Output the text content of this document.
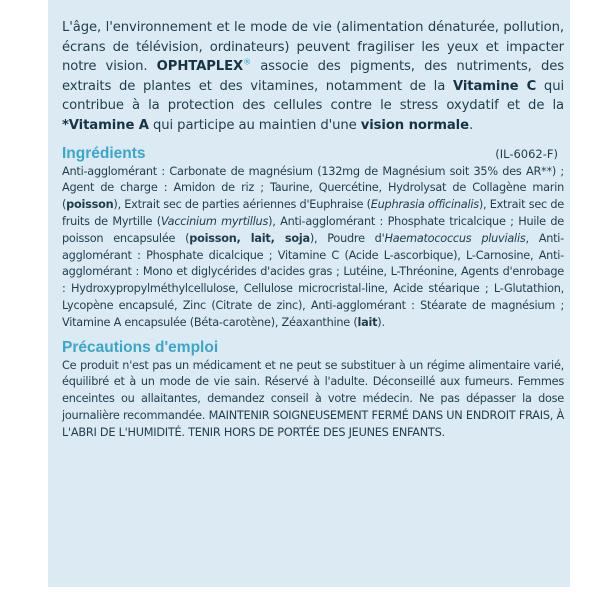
L'âge, l'environnement et le mode de vie (alimentation dénaturée, pollution, écrans de télévision, ordinateurs) peuvent fragiliser les yeux et impacter notre vision. OPHTAPLEX® associe des pigments, des nutriments, des extraits de plantes et des vitamines, notamment de la Vitamine C qui contribue à la protection des cellules contre le stress oxydatif et de la *Vitamine A qui participe au maintien d'une vision normale.

Ingrédients	(IL-6062-F)

Anti-agglomérant : Carbonate de magnésium (132mg de Magnésium soit 35% des AR**) ; Agent de charge : Amidon de riz ; Taurine, Quercétine, Hydrolysat de Collagène marin (poisson), Extrait sec de parties aériennes d'Euphraise (Euphrasia officinalis), Extrait sec de fruits de Myrtille (Vaccinium myrtillus), Anti-agglomérant : Phosphate tricalcique ; Huile de poisson encapsulée (poisson, lait, soja), Poudre d'Haematococcus pluvialis, Anti-agglomérant : Phosphate dicalcique ; Vitamine C (Acide L-ascorbique), L-Carnosine, Anti-agglomérant : Mono et diglycérides d'acides gras ; Lutéine, L-Thréonine, Agents d'enrobage : Hydroxypropylméthylcellulose, Cellulose microcristal-line, Acide stéarique ; L-Glutathion, Lycopène encapsulé, Zinc (Citrate de zinc), Anti-agglomérant : Stéarate de magnésium ; Vitamine A encapsulée (Béta-carotène), Zéaxanthine (lait).

Précautions d'emploi

Ce produit n'est pas un médicament et ne peut se substituer à un régime alimentaire varié, équilibré et à un mode de vie sain. Réservé à l'adulte. Déconseillé aux fumeurs. Femmes enceintes ou allaitantes, demandez conseil à votre médecin. Ne pas dépasser la dose journalière recommandée. MAINTENIR SOIGNEUSEMENT FERMÉ DANS UN ENDROIT FRAIS, À L'ABRI DE L'HUMIDITÉ. TENIR HORS DE PORTÉE DES JEUNES ENFANTS.
